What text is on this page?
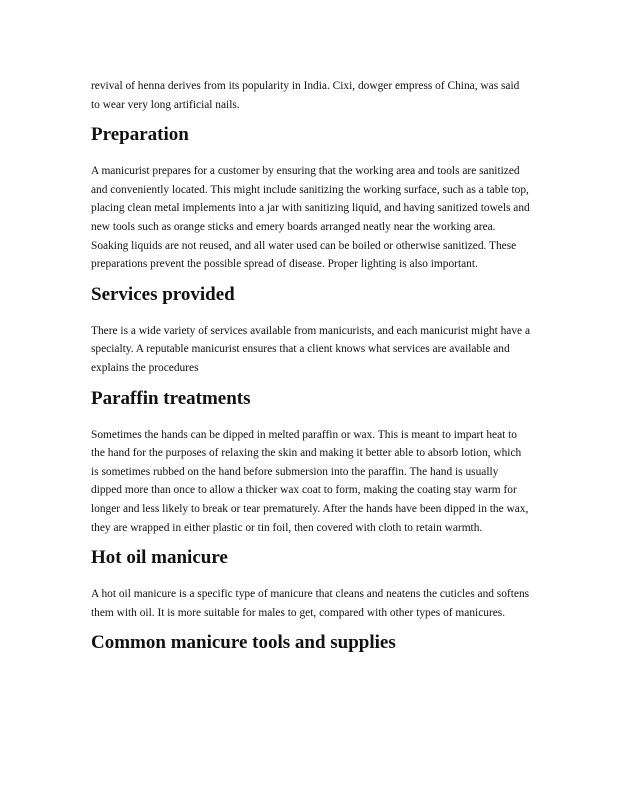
revival of henna derives from its popularity in India. Cixi, dowger empress of China, was said to wear very long artificial nails.

Preparation

A manicurist prepares for a customer by ensuring that the working area and tools are sanitized and conveniently located. This might include sanitizing the working surface, such as a table top, placing clean metal implements into a jar with sanitizing liquid, and having sanitized towels and new tools such as orange sticks and emery boards arranged neatly near the working area. Soaking liquids are not reused, and all water used can be boiled or otherwise sanitized. These preparations prevent the possible spread of disease. Proper lighting is also important.

Services provided

There is a wide variety of services available from manicurists, and each manicurist might have a specialty. A reputable manicurist ensures that a client knows what services are available and explains the procedures

Paraffin treatments

Sometimes the hands can be dipped in melted paraffin or wax. This is meant to impart heat to the hand for the purposes of relaxing the skin and making it better able to absorb lotion, which is sometimes rubbed on the hand before submersion into the paraffin. The hand is usually dipped more than once to allow a thicker wax coat to form, making the coating stay warm for longer and less likely to break or tear prematurely. After the hands have been dipped in the wax, they are wrapped in either plastic or tin foil, then covered with cloth to retain warmth.

Hot oil manicure

A hot oil manicure is a specific type of manicure that cleans and neatens the cuticles and softens them with oil. It is more suitable for males to get, compared with other types of manicures.

Common manicure tools and supplies
